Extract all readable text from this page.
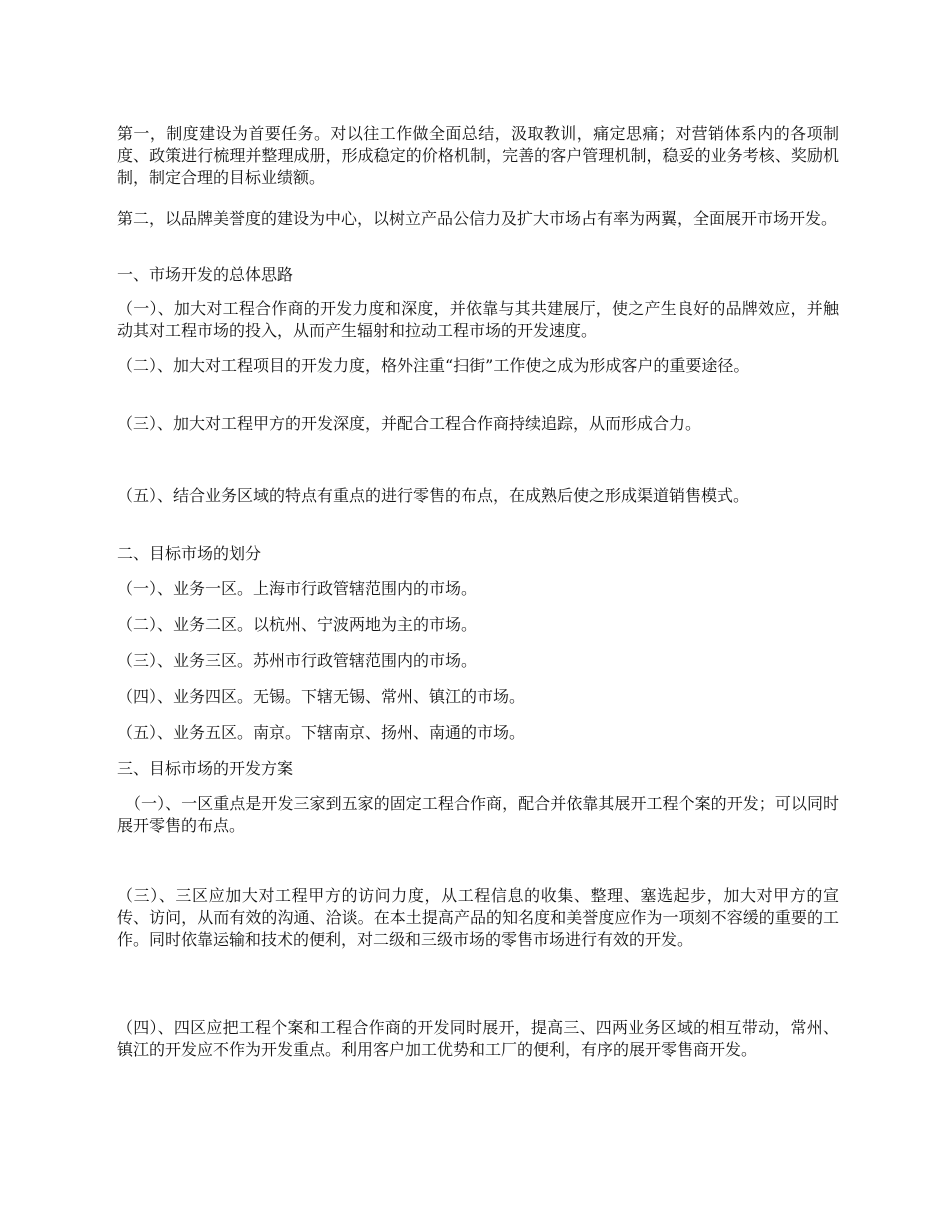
第一，制度建设为首要任务。对以往工作做全面总结，汲取教训，痛定思痛；对营销体系内的各项制度、政策进行梳理并整理成册，形成稳定的价格机制，完善的客户管理机制，稳妥的业务考核、奖励机制，制定合理的目标业绩额。

第二，以品牌美誉度的建设为中心，以树立产品公信力及扩大市场占有率为两翼，全面展开市场开发。

一、市场开发的总体思路

（一）、加大对工程合作商的开发力度和深度，并依靠与其共建展厅，使之产生良好的品牌效应，并触动其对工程市场的投入，从而产生辐射和拉动工程市场的开发速度。

（二）、加大对工程项目的开发力度，格外注重“扫街”工作使之成为形成客户的重要途径。

（三）、加大对工程甲方的开发深度，并配合工程合作商持续追踪，从而形成合力。

（五）、结合业务区域的特点有重点的进行零售的布点，在成熟后使之形成渠道销售模式。

二、目标市场的划分

（一）、业务一区。上海市行政管辖范围内的市场。

（二）、业务二区。以杭州、宁波两地为主的市场。

（三）、业务三区。苏州市行政管辖范围内的市场。

（四）、业务四区。无锡。下辖无锡、常州、镇江的市场。

（五）、业务五区。南京。下辖南京、扬州、南通的市场。

三、目标市场的开发方案

（一）、一区重点是开发三家到五家的固定工程合作商，配合并依靠其展开工程个案的开发；可以同时展开零售的布点。

（三）、三区应加大对工程甲方的访问力度，从工程信息的收集、整理、塞选起步，加大对甲方的宣传、访问，从而有效的沟通、洽谈。在本土提高产品的知名度和美誉度应作为一项刻不容缓的重要的工作。同时依靠运输和技术的便利，对二级和三级市场的零售市场进行有效的开发。

（四）、四区应把工程个案和工程合作商的开发同时展开，提高三、四两业务区域的相互带动，常州、镇江的开发应不作为开发重点。利用客户加工优势和工厂的便利，有序的展开零售商开发。
